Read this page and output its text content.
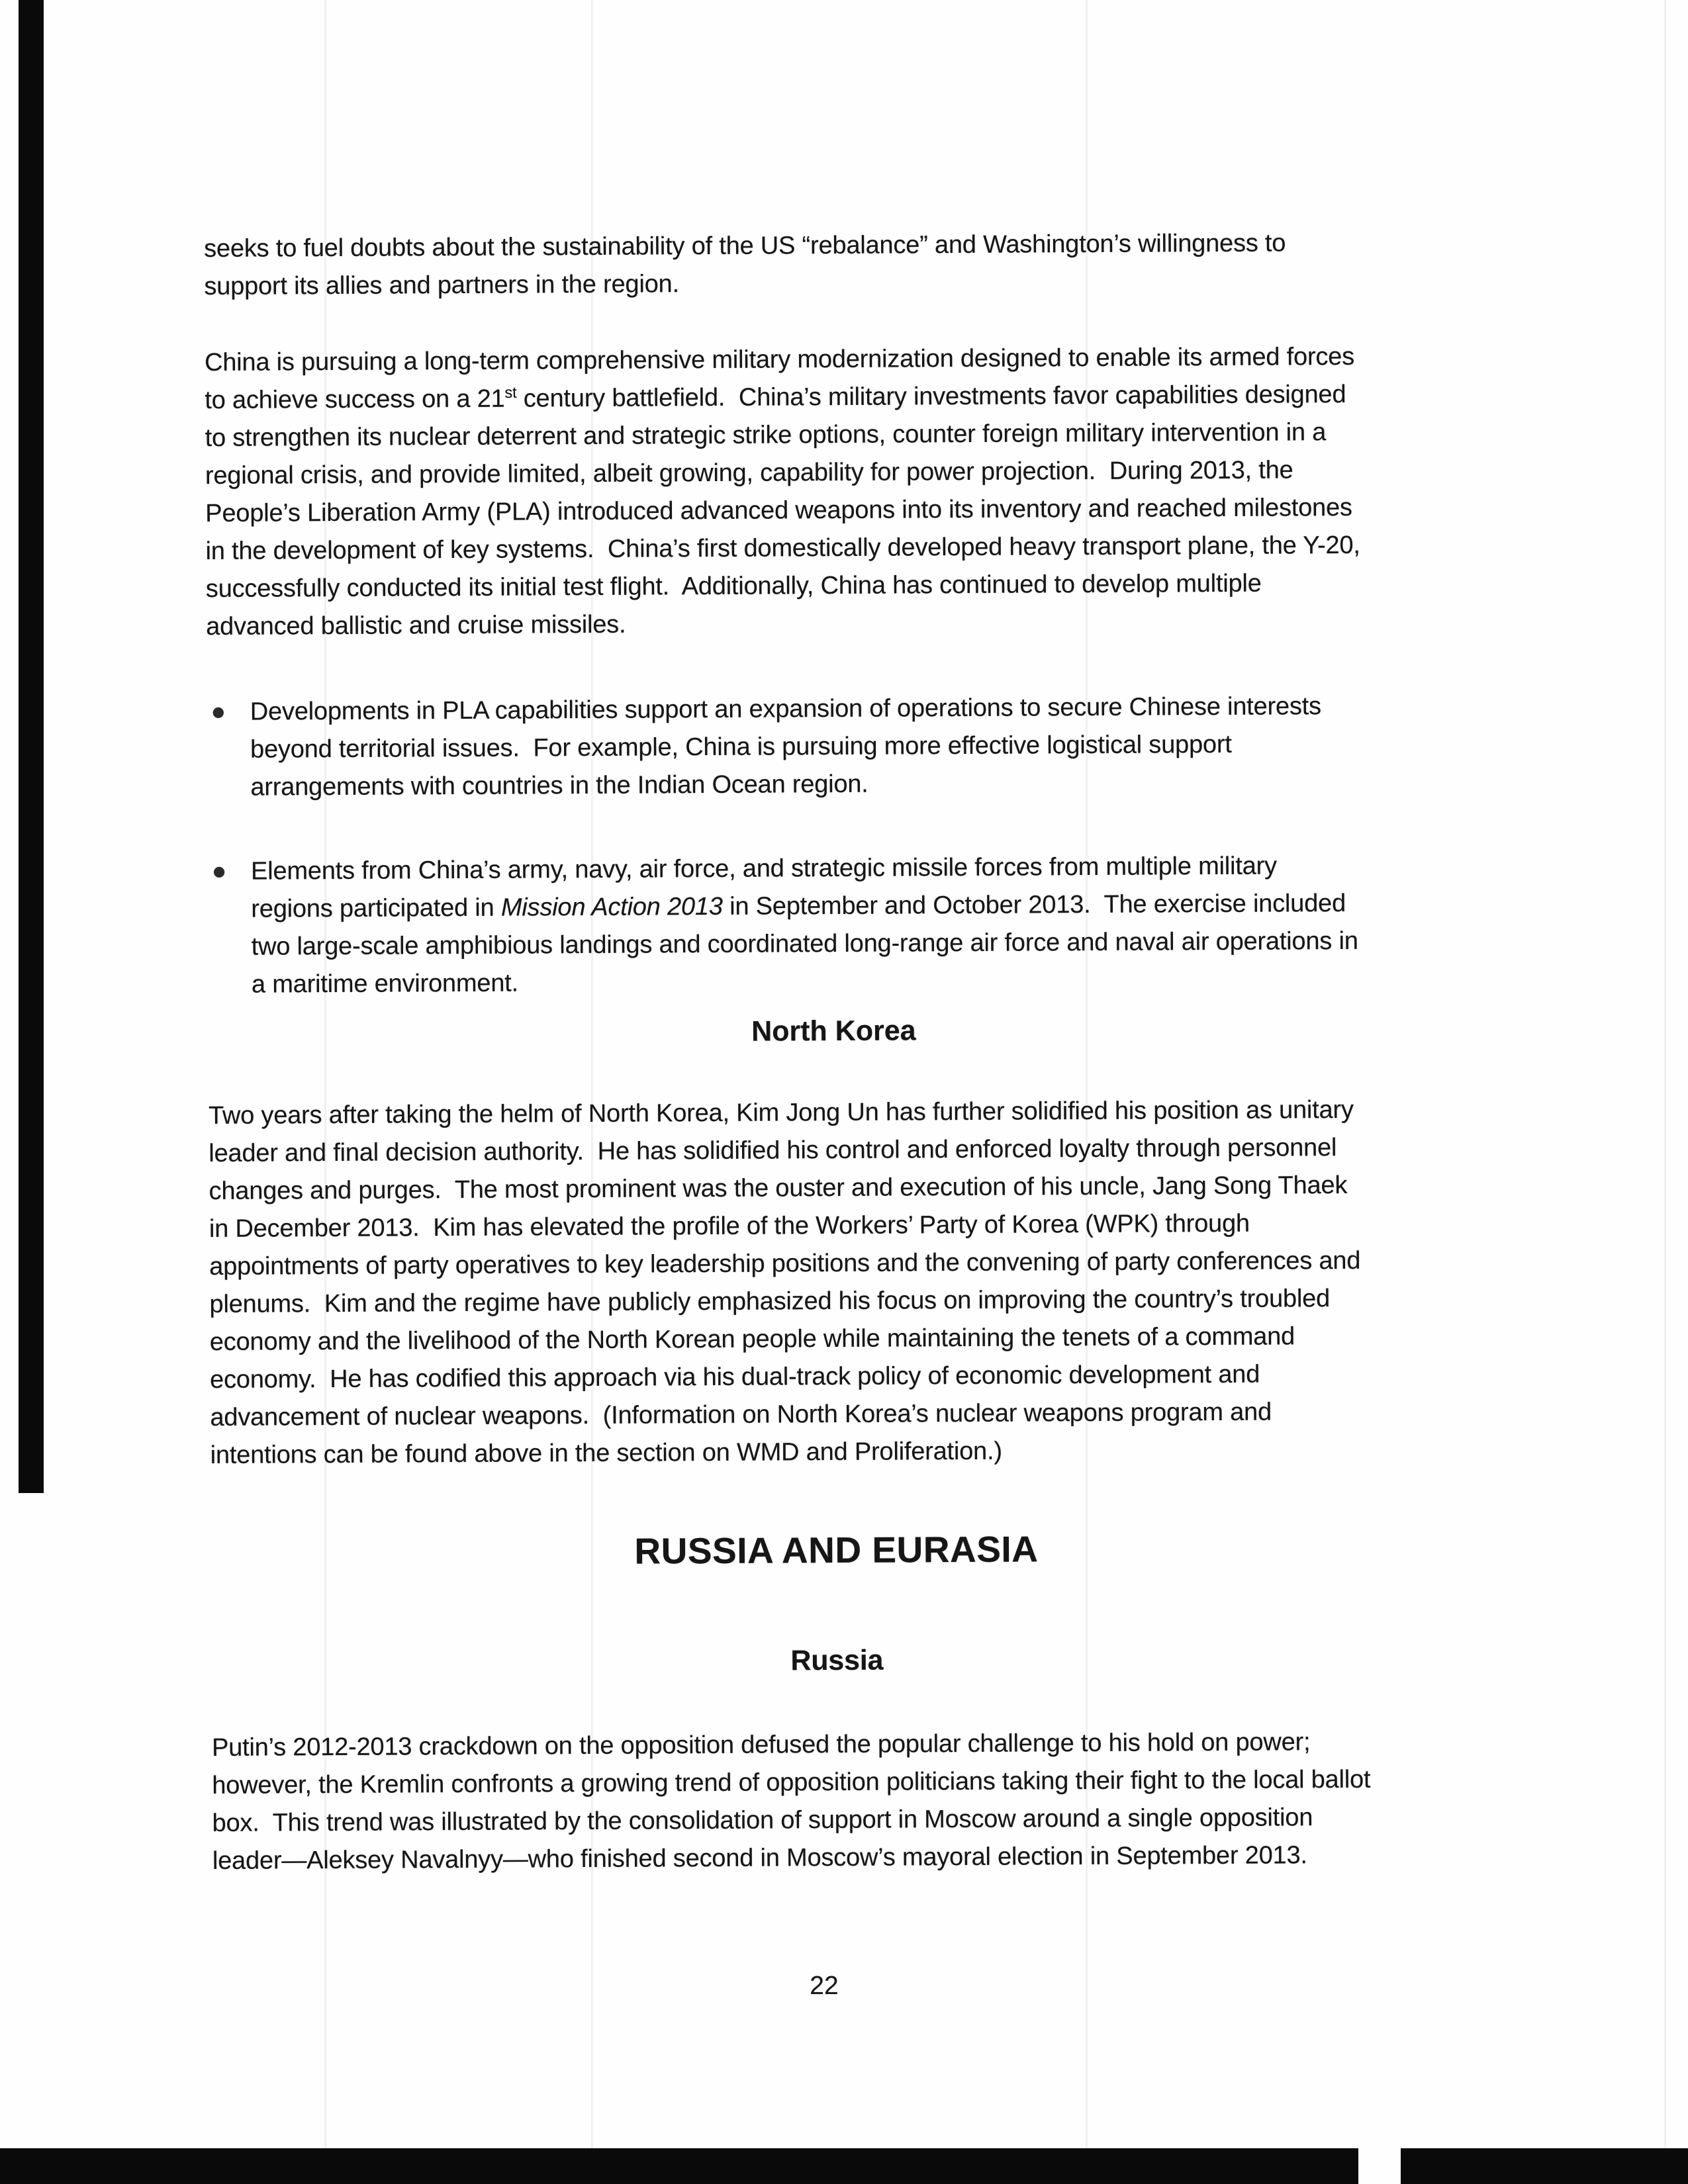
seeks to fuel doubts about the sustainability of the US “rebalance” and Washington’s willingness to
support its allies and partners in the region.

China is pursuing a long-term comprehensive military modernization designed to enable its armed forces
to achieve success on a 21st century battlefield.  China’s military investments favor capabilities designed
to strengthen its nuclear deterrent and strategic strike options, counter foreign military intervention in a
regional crisis, and provide limited, albeit growing, capability for power projection.  During 2013, the
People’s Liberation Army (PLA) introduced advanced weapons into its inventory and reached milestones
in the development of key systems.  China’s first domestically developed heavy transport plane, the Y-20,
successfully conducted its initial test flight.  Additionally, China has continued to develop multiple
advanced ballistic and cruise missiles.

Developments in PLA capabilities support an expansion of operations to secure Chinese interests
beyond territorial issues.  For example, China is pursuing more effective logistical support
arrangements with countries in the Indian Ocean region.
Elements from China’s army, navy, air force, and strategic missile forces from multiple military
regions participated in Mission Action 2013 in September and October 2013.  The exercise included
two large-scale amphibious landings and coordinated long-range air force and naval air operations in
a maritime environment.
North Korea

Two years after taking the helm of North Korea, Kim Jong Un has further solidified his position as unitary
leader and final decision authority.  He has solidified his control and enforced loyalty through personnel
changes and purges.  The most prominent was the ouster and execution of his uncle, Jang Song Thaek
in December 2013.  Kim has elevated the profile of the Workers’ Party of Korea (WPK) through
appointments of party operatives to key leadership positions and the convening of party conferences and
plenums.  Kim and the regime have publicly emphasized his focus on improving the country’s troubled
economy and the livelihood of the North Korean people while maintaining the tenets of a command
economy.  He has codified this approach via his dual-track policy of economic development and
advancement of nuclear weapons.  (Information on North Korea’s nuclear weapons program and
intentions can be found above in the section on WMD and Proliferation.)

RUSSIA AND EURASIA
Russia

Putin’s 2012-2013 crackdown on the opposition defused the popular challenge to his hold on power;
however, the Kremlin confronts a growing trend of opposition politicians taking their fight to the local ballot
box.  This trend was illustrated by the consolidation of support in Moscow around a single opposition
leader—Aleksey Navalnyy—who finished second in Moscow’s mayoral election in September 2013.

22
